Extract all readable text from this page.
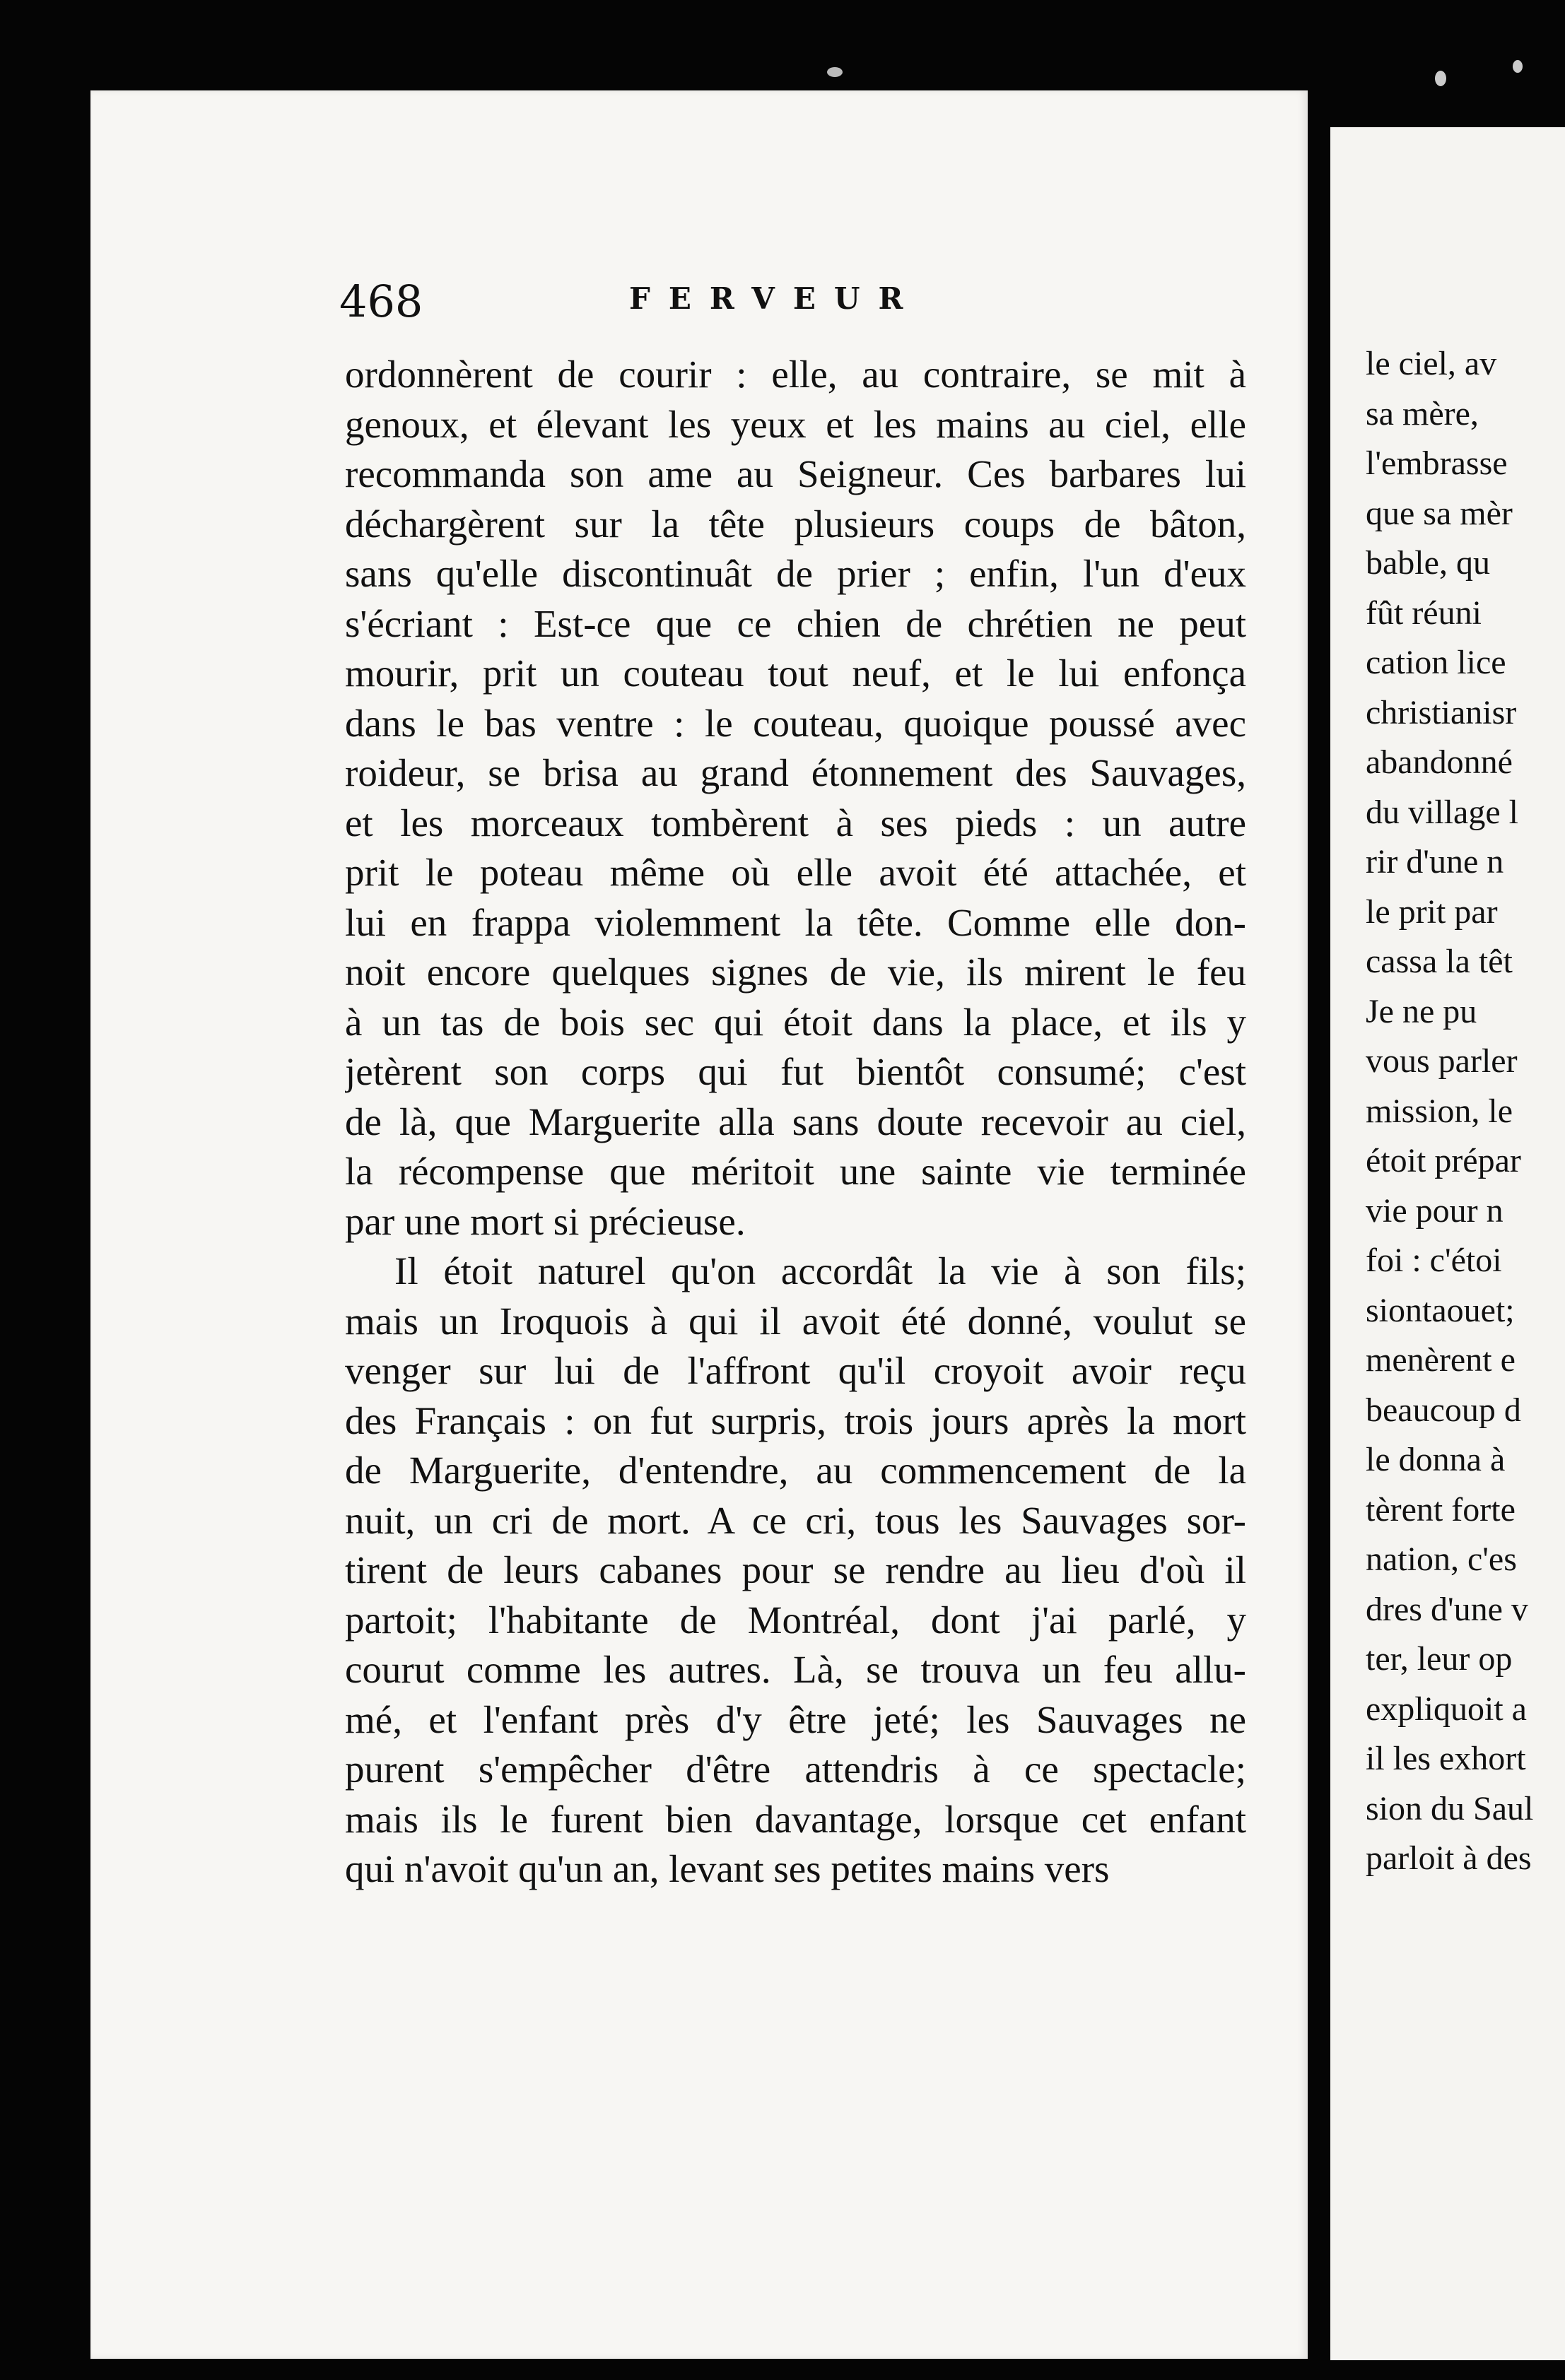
468	FERVEUR
ordonnèrent de courir : elle, au contraire, se mit à
genoux, et élevant les yeux et les mains au ciel, elle
recommanda son ame au Seigneur. Ces barbares lui
déchargèrent sur la tête plusieurs coups de bâton,
sans qu'elle discontinuât de prier ; enfin, l'un d'eux
s'écriant : Est-ce que ce chien de chrétien ne peut
mourir, prit un couteau tout neuf, et le lui enfonça
dans le bas ventre : le couteau, quoique poussé avec
roideur, se brisa au grand étonnement des Sauvages,
et les morceaux tombèrent à ses pieds : un autre
prit le poteau même où elle avoit été attachée, et
lui en frappa violemment la tête. Comme elle don-
noit encore quelques signes de vie, ils mirent le feu
à un tas de bois sec qui étoit dans la place, et ils y
jetèrent son corps qui fut bientôt consumé; c'est
de là, que Marguerite alla sans doute recevoir au ciel,
la récompense que méritoit une sainte vie terminée
par une mort si précieuse.
Il étoit naturel qu'on accordât la vie à son fils;
mais un Iroquois à qui il avoit été donné, voulut se
venger sur lui de l'affront qu'il croyoit avoir reçu
des Français : on fut surpris, trois jours après la mort
de Marguerite, d'entendre, au commencement de la
nuit, un cri de mort. A ce cri, tous les Sauvages sor-
tirent de leurs cabanes pour se rendre au lieu d'où il
partoit; l'habitante de Montréal, dont j'ai parlé, y
courut comme les autres. Là, se trouva un feu allu-
mé, et l'enfant près d'y être jeté; les Sauvages ne
purent s'empêcher d'être attendris à ce spectacle;
mais ils le furent bien davantage, lorsque cet enfant
qui n'avoit qu'un an, levant ses petites mains vers
le ciel, av
sa mère,
l'embrasse
que sa mèr
bable, qu
fût réuni
cation lice
christianisr
abandonné
du village l
rir d'une n
le prit par
cassa la têt
Je ne pu
vous parler
mission, le
étoit prépar
vie pour n
foi : c'étoi
siontaouet;
menèrent e
beaucoup d
le donna à
tèrent forte
nation, c'es
dres d'une v
ter, leur op
expliquoit a
il les exhort
sion du Saul
parloit à des
